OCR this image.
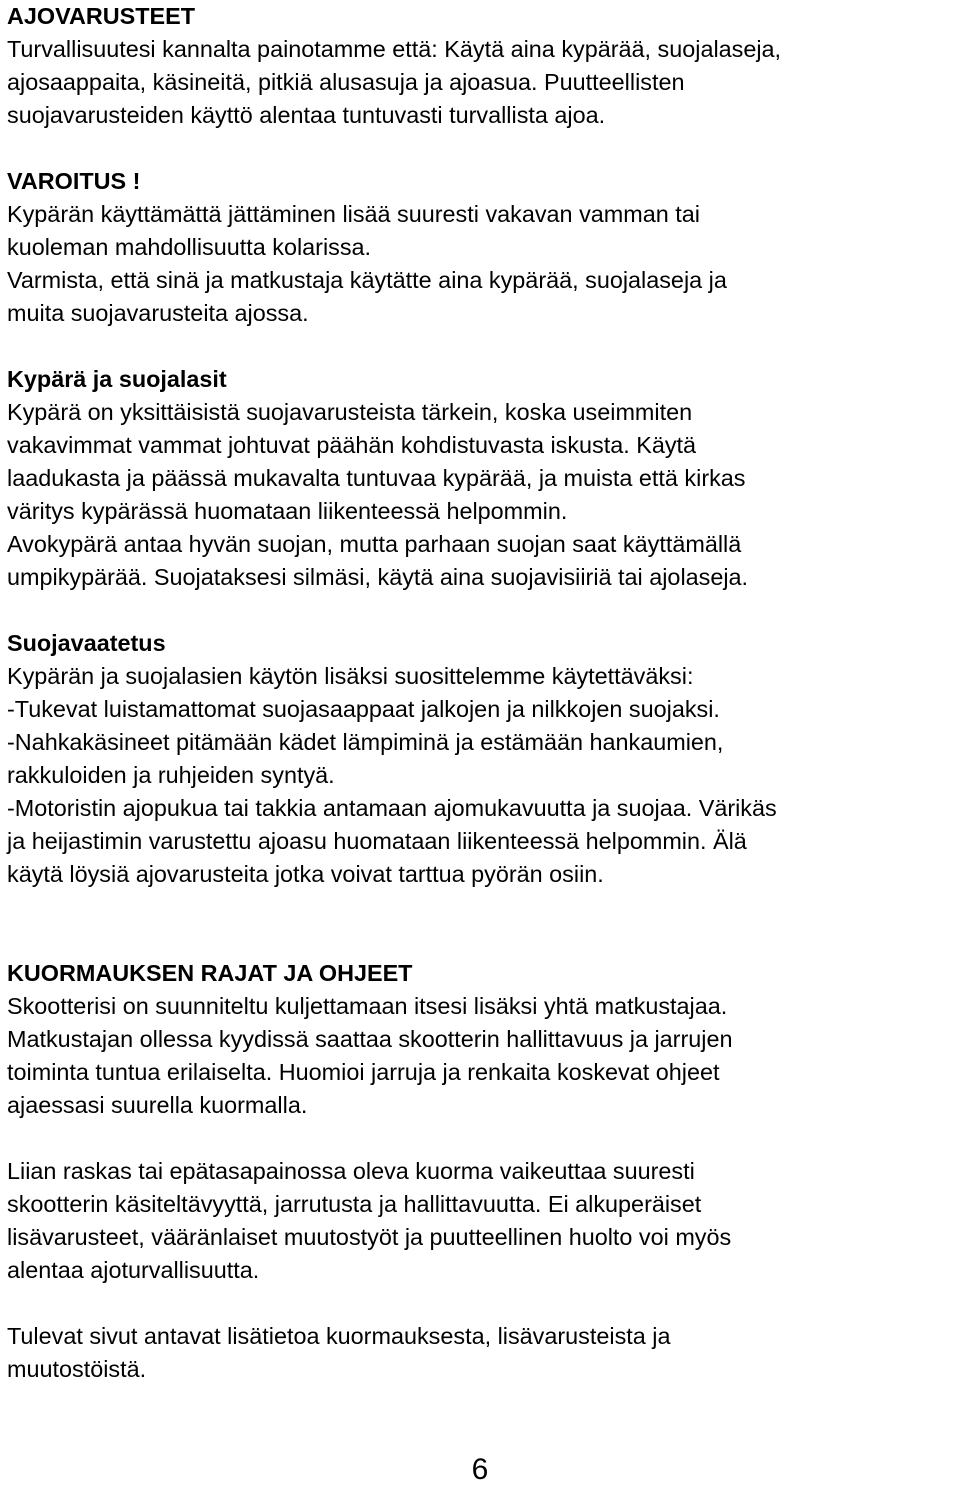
AJOVARUSTEET
Turvallisuutesi kannalta painotamme että: Käytä aina kypärää, suojalaseja,
ajosaappaita, käsineitä, pitkiä alusasuja ja ajoasua. Puutteellisten
suojavarusteiden käyttö alentaa tuntuvasti turvallista ajoa.
VAROITUS !
Kypärän käyttämättä jättäminen lisää suuresti vakavan vamman tai
kuoleman mahdollisuutta kolarissa.
Varmista, että sinä ja matkustaja käytätte aina kypärää, suojalaseja ja
muita suojavarusteita ajossa.
Kypärä ja suojalasit
Kypärä on yksittäisistä suojavarusteista tärkein, koska useimmiten
vakavimmat vammat johtuvat päähän kohdistuvasta iskusta. Käytä
laadukasta ja päässä mukavalta tuntuvaa kypärää, ja muista että kirkas
väritys kypärässä huomataan liikenteessä helpommin.
Avokypärä antaa hyvän suojan, mutta parhaan suojan saat käyttämällä
umpikypärää. Suojataksesi silmäsi, käytä aina suojavisiiriä tai ajolaseja.
Suojavaatetus
Kypärän ja suojalasien käytön lisäksi suosittelemme käytettäväksi:
-Tukevat luistamattomat suojasaappaat jalkojen ja nilkkojen suojaksi.
-Nahkakäsineet pitämään kädet lämpiminä ja estämään hankaumien,
rakkuloiden ja ruhjeiden syntyä.
-Motoristin ajopukua tai takkia antamaan ajomukavuutta ja suojaa. Värikäs
ja heijastimin varustettu ajoasu huomataan liikenteessä helpommin. Älä
käytä löysiä ajovarusteita jotka voivat tarttua pyörän osiin.
KUORMAUKSEN RAJAT JA OHJEET
Skootterisi on suunniteltu kuljettamaan itsesi lisäksi yhtä matkustajaa.
Matkustajan ollessa kyydissä saattaa skootterin hallittavuus ja jarrujen
toiminta tuntua erilaiselta. Huomioi jarruja ja renkaita koskevat ohjeet
ajaessasi suurella kuormalla.
Liian raskas tai epätasapainossa oleva kuorma vaikeuttaa suuresti
skootterin käsiteltävyyttä, jarrutusta ja hallittavuutta. Ei alkuperäiset
lisävarusteet, vääränlaiset muutostyöt ja puutteellinen huolto voi myös
alentaa ajoturvallisuutta.
Tulevat sivut antavat lisätietoa kuormauksesta, lisävarusteista ja
muutostöistä.
6
